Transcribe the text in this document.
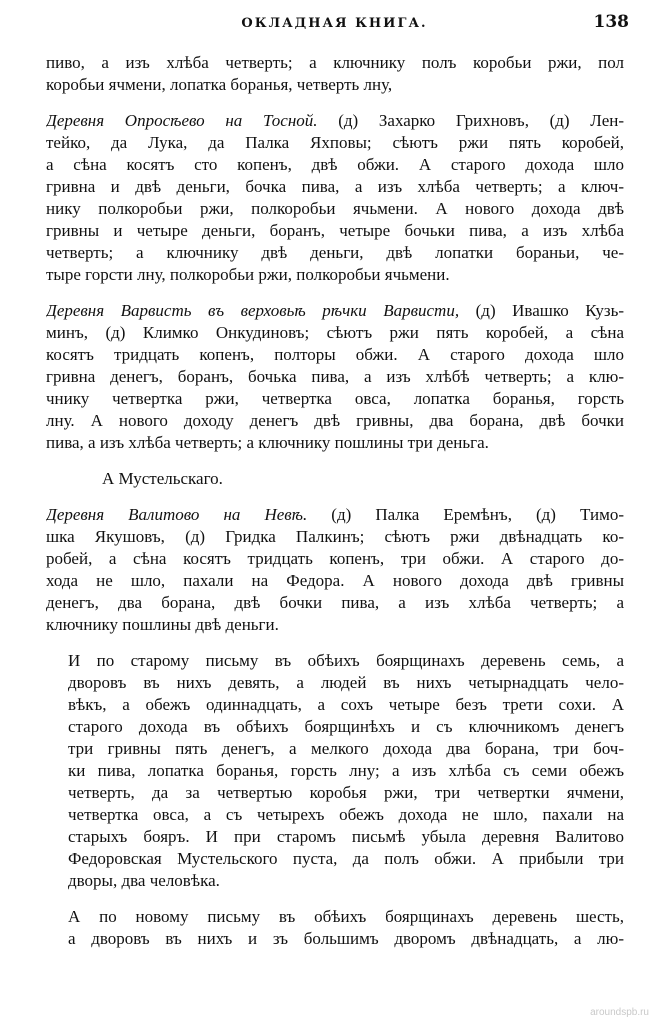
ОКЛАДНАЯ КНИГА.	138
пиво, а изъ хлѣба четверть; а ключнику полъ коробьи ржи, пол
коробьи ячмени, лопатка боранья, четверть лну,
Деревня Опросѣево на Тосной. (д) Захарко Грихновъ, (д) Лен-
тейко, да Лука, да Палка Яхповы; сѣютъ ржи пять коробей,
а сѣна косятъ сто копенъ, двѣ обжи. А старого дохода шло
гривна и двѣ деньги, бочка пива, а изъ хлѣба четверть; а ключ-
нику полкоробьи ржи, полкоробьи ячьмени. А нового дохода двѣ
гривны и четыре деньги, боранъ, четыре бочьки пива, а изъ хлѣба
четверть; а ключнику двѣ деньги, двѣ лопатки бораньи, че-
тыре горсти лну, полкоробьи ржи, полкоробьи ячьмени.
Деревня Варвисть въ верховьѣ рѣчки Варвисти, (д) Ивашко Кузь-
минъ, (д) Климко Онкудиновъ; сѣютъ ржи пять коробей, а сѣна
косятъ тридцать копенъ, полторы обжи. А старого дохода шло
гривна денегъ, боранъ, бочька пива, а изъ хлѣбѣ четверть; а клю-
чнику четвертка ржи, четвертка овса, лопатка боранья, горсть
лну. А нового доходу денегъ двѣ гривны, два борана, двѣ бочки
пива, а изъ хлѣба четверть; а ключнику пошлины три деньга.
А Мустельскаго.
Деревня Валитово на Невѣ. (д) Палка Еремѣнъ, (д) Тимо-
шка Якушовъ, (д) Гридка Палкинъ; сѣютъ ржи двѣнадцать ко-
робей, а сѣна косятъ тридцать копенъ, три обжи. А старого до-
хода не шло, пахали на Федора. А нового дохода двѣ гривны
денегъ, два борана, двѣ бочки пива, а изъ хлѣба четверть; а
ключнику пошлины двѣ деньги.
И по старому письму въ обѣихъ боярщинахъ деревень семь, а
дворовъ въ нихъ девять, а людей въ нихъ четырнадцать чело-
вѣкъ, а обежъ одиннадцать, а сохъ четыре безъ трети сохи. А
старого дохода въ обѣихъ боярщинѣхъ и съ ключникомъ денегъ
три гривны пять денегъ, а мелкого дохода два борана, три боч-
ки пива, лопатка боранья, горсть лну; а изъ хлѣба съ семи обежъ
четверть, да за четвертью коробья ржи, три четвертки ячмени,
четвертка овса, а съ четырехъ обежъ дохода не шло, пахали на
старыхъ бояръ. И при старомъ письмѣ убыла деревня Валитово
Федоровская Мустельского пуста, да полъ обжи. А прибыли три
дворы, два человѣка.
А по новому письму въ обѣихъ боярщинахъ деревень шесть,
а дворовъ въ нихъ и зъ большимъ дворомъ двѣнадцать, а лю-
aroundspb.ru
